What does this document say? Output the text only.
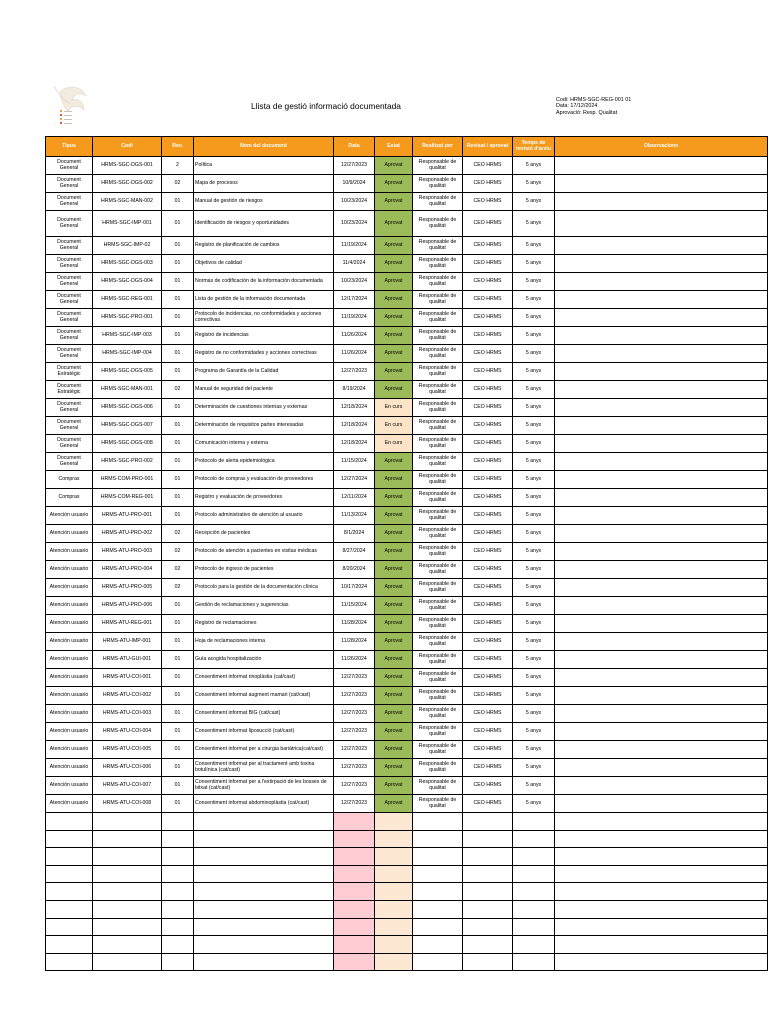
Llista de gestió informació documentada
Codi: HRMS-SGC-REG-001 01
Data: 17/12/2024
Aprovació: Resp. Qualitat
Tipus	Codi	Rev.	Nom del document	Data	Estat	Realitzat per	Revisat / aprovat	Temps de revisió d'arxiu	Observacions
Document General	HRMS-SGC-DGS-001	2	Política	12/27/2023	Aprovat	Responsable de qualitat	CEO HRMS	5 anys	
Document General	HRMS-SGC-DGS-002	02	Mapa de procesos	10/9/2024	Aprovat	Responsable de qualitat	CEO HRMS	5 anys	
Document General	HRMS-SGC-MAN-002	01	Manual de gestión de riesgos	10/23/2024	Aprovat	Responsable de qualitat	CEO HRMS	5 anys	
Document General	HRMS-SGC-IMP-001	01	Identificación de riesgos y oportunidades	10/23/2024	Aprovat	Responsable de qualitat	CEO HRMS	5 anys	
Document General	HRMS-SGC-IMP-02	01	Registro de planificación de cambios	11/19/2024	Aprovat	Responsable de qualitat	CEO HRMS	5 anys	
Document General	HRMS-SGC-DGS-003	01	Objetivos de calidad	11/4/2024	Aprovat	Responsable de qualitat	CEO HRMS	5 anys	
Document General	HRMS-SGC-DGS-004	01	Normas de codificación de la información documentada	10/23/2024	Aprovat	Responsable de qualitat	CEO HRMS	5 anys	
Document General	HRMS-SGC-REG-001	01	Lista de gestión de la información documentada	12/17/2024	Aprovat	Responsable de qualitat	CEO HRMS	5 anys	
Document General	HRMS-SGC-PRO-001	01	Protocolo de incidencias, no conformidades y acciones correctivas	11/19/2024	Aprovat	Responsable de qualitat	CEO HRMS	5 anys	
Document General	HRMS-SGC-IMP-003	01	Registro de incidencias	11/26/2024	Aprovat	Responsable de qualitat	CEO HRMS	5 anys	
Document General	HRMS-SGC-IMP-004	01	Registro de no conformidades y acciones correctivas	11/26/2024	Aprovat	Responsable de qualitat	CEO HRMS	5 anys	
Document Estratègic	HRMS-SGC-DGS-005	01	Programa de Garantía de la Calidad	12/27/2023	Aprovat	Responsable de qualitat	CEO HRMS	5 anys	
Document Estratègic	HRMS-SGC-MAN-001	02	Manual de seguridad del paciente	8/19/2024	Aprovat	Responsable de qualitat	CEO HRMS	5 anys	
Document General	HRMS-SGC-DGS-006	01	Determinación de cuestiones internas y externas	12/18/2024	En curs	Responsable de qualitat	CEO HRMS	5 anys	
Document General	HRMS-SGC-DGS-007	01	Determinación de requisitos partes interesadas	12/18/2024	En curs	Responsable de qualitat	CEO HRMS	5 anys	
Document General	HRMS-SGC-DGS-008	01	Comunicación interna y externa	12/18/2024	En curs	Responsable de qualitat	CEO HRMS	5 anys	
Document General	HRMS-SGC-PRO-002	01	Protocolo de alerta epidemiológica	11/15/2024	Aprovat	Responsable de qualitat	CEO HRMS	5 anys	
Compras	HRMS-COM-PRO-001	01	Protocolo de compras y evaluación de proveedores	12/27/2024	Aprovat	Responsable de qualitat	CEO HRMS	5 anys	
Compras	HRMS-COM-REG-001	01	Registro y evaluación de proveedores	12/11/2024	Aprovat	Responsable de qualitat	CEO HRMS	5 anys	
Atención usuario	HRMS-ATU-PRO-001	01	Protocolo administrativo de atención al usuario	11/13/2024	Aprovat	Responsable de qualitat	CEO HRMS	5 anys	
Atención usuario	HRMS-ATU-PRO-002	02	Recepción de pacientes	8/1/2024	Aprovat	Responsable de qualitat	CEO HRMS	5 anys	
Atención usuario	HRMS-ATU-PRO-003	02	Protocolo de atención a pacientes en visitas médicas	8/27/2024	Aprovat	Responsable de qualitat	CEO HRMS	5 anys	
Atención usuario	HRMS-ATU-PRO-004	02	Protocolo de ingreso de pacientes	8/20/2024	Aprovat	Responsable de qualitat	CEO HRMS	5 anys	
Atención usuario	HRMS-ATU-PRO-005	02	Protocolo para la gestión de la documentación clínica	10/17/2024	Aprovat	Responsable de qualitat	CEO HRMS	5 anys	
Atención usuario	HRMS-ATU-PRO-006	01	Gestión de reclamaciones y sugerencias	11/15/2024	Aprovat	Responsable de qualitat	CEO HRMS	5 anys	
Atención usuario	HRMS-ATU-REG-001	01	Registro de reclamaciones	11/28/2024	Aprovat	Responsable de qualitat	CEO HRMS	5 anys	
Atención usuario	HRMS-ATU-IMP-001	01	Hoja de reclamaciones interna	11/28/2024	Aprovat	Responsable de qualitat	CEO HRMS	5 anys	
Atención usuario	HRMS-ATU-GUI-001	01	Guía acogida hospitalización	11/26/2024	Aprovat	Responsable de qualitat	CEO HRMS	5 anys	
Atención usuario	HRMS-ATU-COI-001	01	Consentiment informat rinoplàstia (cat/cast)	12/27/2023	Aprovat	Responsable de qualitat	CEO HRMS	5 anys	
Atención usuario	HRMS-ATU-COI-002	01	Consentiment informat augment mamari (cat/cast)	12/27/2023	Aprovat	Responsable de qualitat	CEO HRMS	5 anys	
Atención usuario	HRMS-ATU-COI-003	01	Consentiment informat BIG (cat/cast)	12/27/2023	Aprovat	Responsable de qualitat	CEO HRMS	5 anys	
Atención usuario	HRMS-ATU-COI-004	01	Consentiment informat liposucció (cat/cast)	12/27/2023	Aprovat	Responsable de qualitat	CEO HRMS	5 anys	
Atención usuario	HRMS-ATU-COI-005	01	Consentiment informat per a cirurgia bariàtrica(cat/cast)	12/27/2023	Aprovat	Responsable de qualitat	CEO HRMS	5 anys	
Atención usuario	HRMS-ATU-COI-006	01	Consentiment informat per al tractament amb toxina botulínica (cat/cast)	12/27/2023	Aprovat	Responsable de qualitat	CEO HRMS	5 anys	
Atención usuario	HRMS-ATU-COI-007	01	Consentiment informat per a l'extirpació de les bosses de bitxat (cat/cast)	12/27/2023	Aprovat	Responsable de qualitat	CEO HRMS	5 anys	
Atención usuario	HRMS-ATU-COI-008	01	Consentiment informat abdominoplàstia (cat/cast)	12/27/2023	Aprovat	Responsable de qualitat	CEO HRMS	5 anys	
